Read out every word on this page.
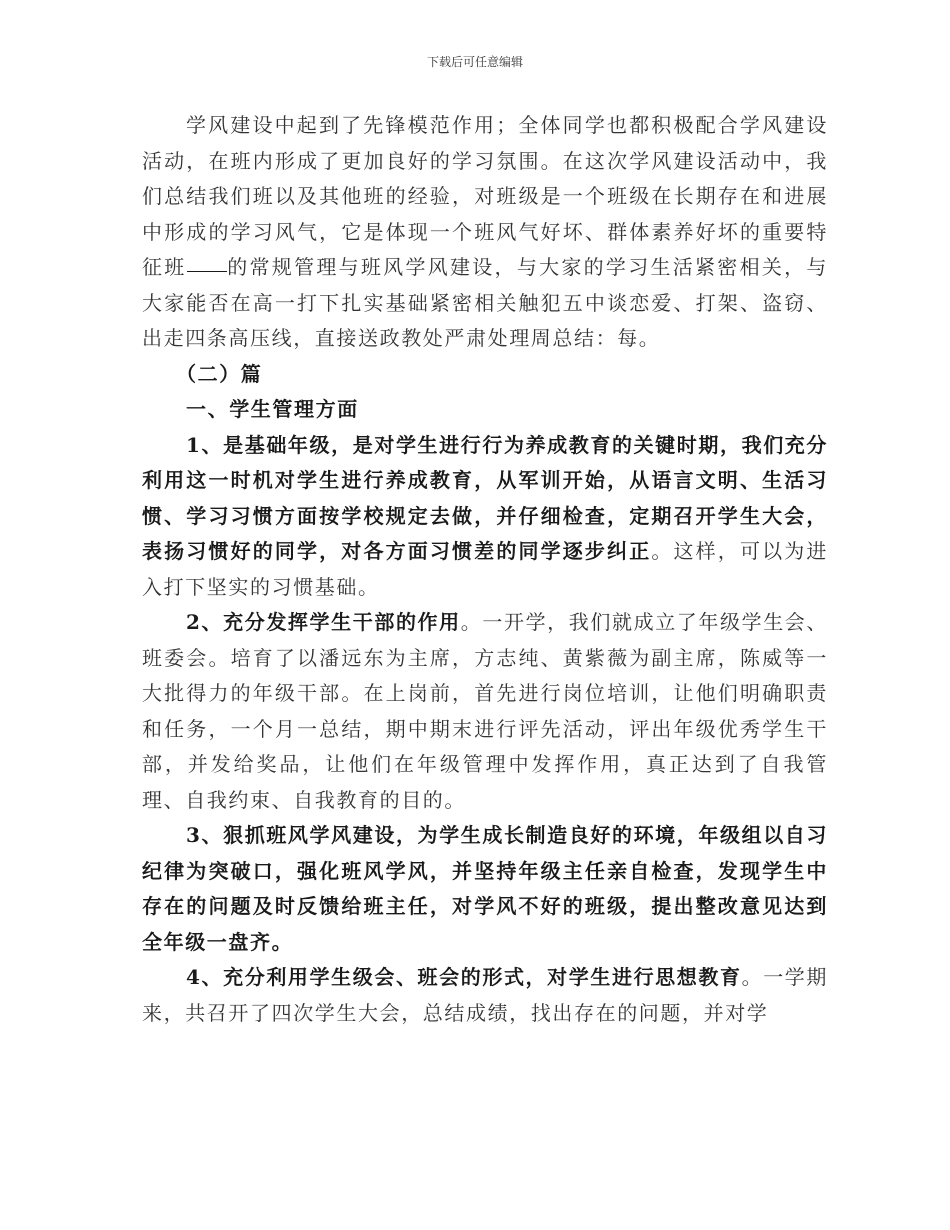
下载后可任意编辑

学风建设中起到了先锋模范作用；全体同学也都积极配合学风建设活动，在班内形成了更加良好的学习氛围。在这次学风建设活动中，我们总结我们班以及其他班的经验，对班级是一个班级在长期存在和进展中形成的学习风气，它是体现一个班风气好坏、群体素养好坏的重要特征班 的常规管理与班风学风建设，与大家的学习生活紧密相关，与大家能否在高一打下扎实基础紧密相关触犯五中谈恋爱、打架、盗窃、出走四条高压线，直接送政教处严肃处理周总结：每。

（二）篇

一、学生管理方面

1、是基础年级，是对学生进行行为养成教育的关键时期，我们充分利用这一时机对学生进行养成教育，从军训开始，从语言文明、生活习惯、学习习惯方面按学校规定去做，并仔细检查，定期召开学生大会，表扬习惯好的同学，对各方面习惯差的同学逐步纠正。这样，可以为进入打下坚实的习惯基础。

2、充分发挥学生干部的作用。一开学，我们就成立了年级学生会、班委会。培育了以潘远东为主席，方志纯、黄紫薇为副主席，陈威等一大批得力的年级干部。在上岗前，首先进行岗位培训，让他们明确职责和任务，一个月一总结，期中期末进行评先活动，评出年级优秀学生干部，并发给奖品，让他们在年级管理中发挥作用，真正达到了自我管理、自我约束、自我教育的目的。

3、狠抓班风学风建设，为学生成长制造良好的环境，年级组以自习纪律为突破口，强化班风学风，并坚持年级主任亲自检查，发现学生中存在的问题及时反馈给班主任，对学风不好的班级，提出整改意见达到全年级一盘齐。

4、充分利用学生级会、班会的形式，对学生进行思想教育。一学期来，共召开了四次学生大会，总结成绩，找出存在的问题，并对学
